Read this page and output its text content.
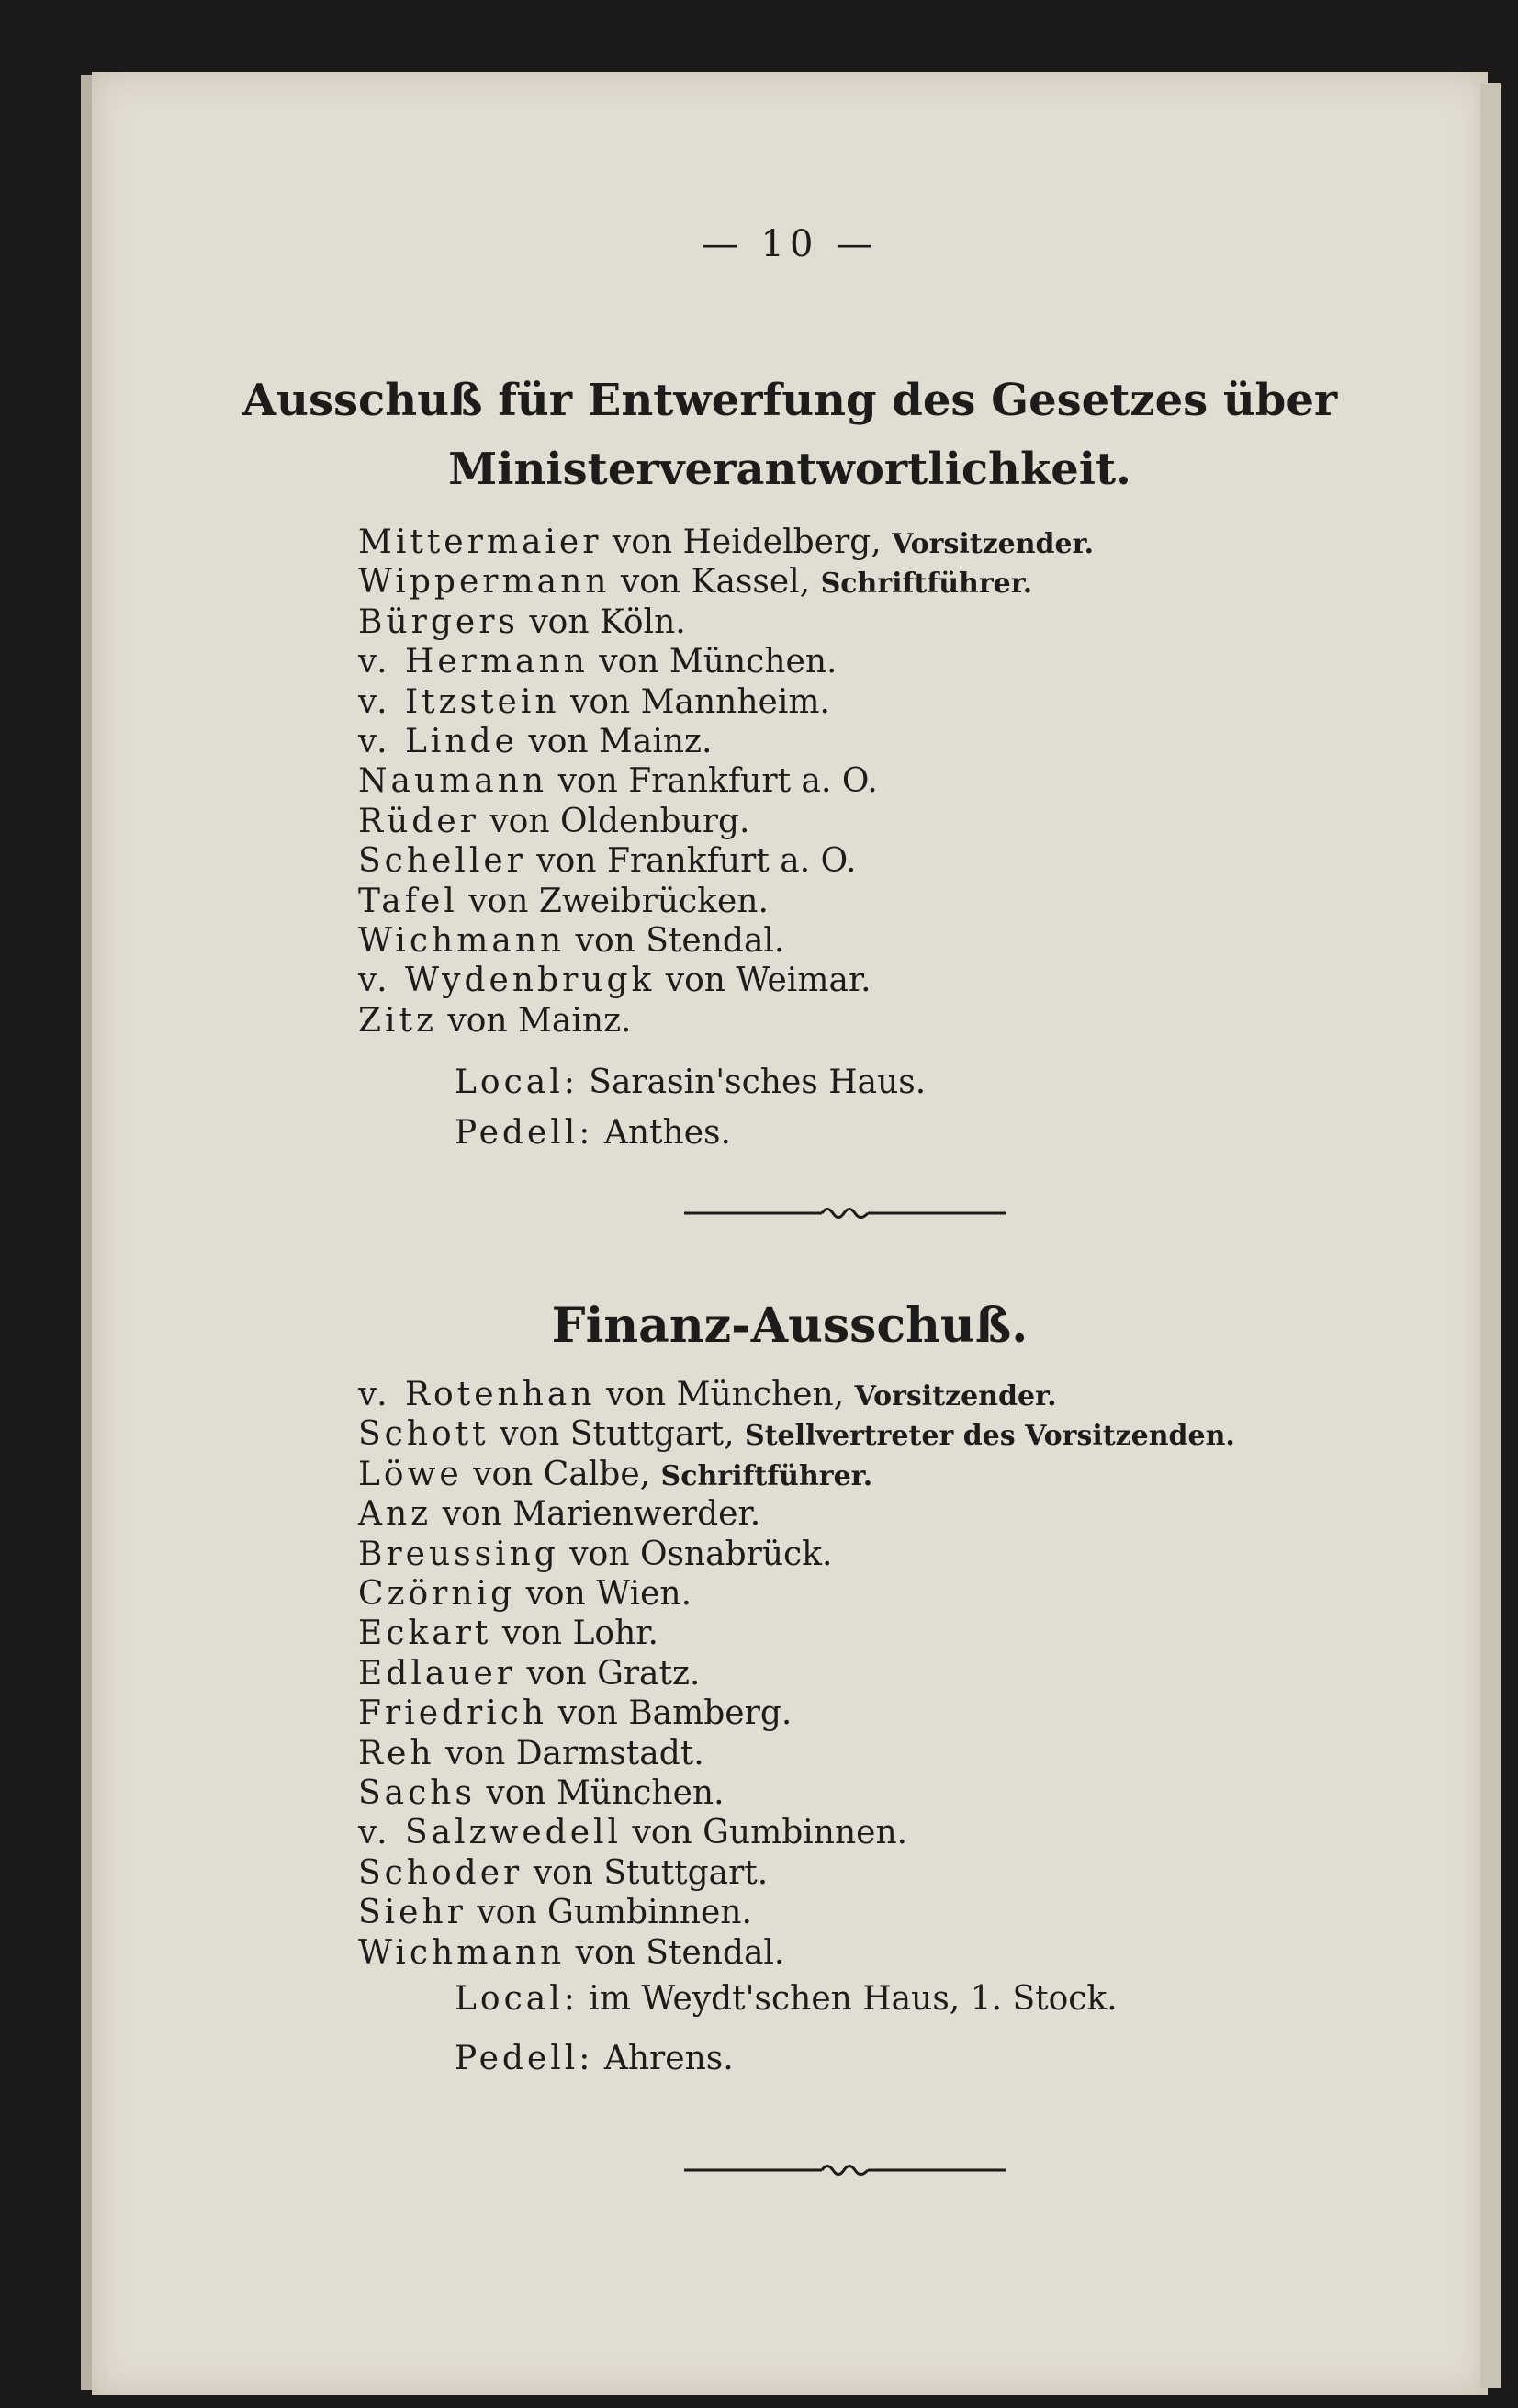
— 10 —
Ausschuß für Entwerfung des Gesetzes über
Ministerverantwortlichkeit.
Mittermaier von Heidelberg, Vorsitzender.
Wippermann von Kassel, Schriftführer.
Bürgers von Köln.
v. Hermann von München.
v. Itzstein von Mannheim.
v. Linde von Mainz.
Naumann von Frankfurt a. O.
Rüder von Oldenburg.
Scheller von Frankfurt a. O.
Tafel von Zweibrücken.
Wichmann von Stendal.
v. Wydenbrugk von Weimar.
Zitz von Mainz.
Local: Sarasin'sches Haus.
Pedell: Anthes.
Finanz-Ausschuß.
v. Rotenhan von München, Vorsitzender.
Schott von Stuttgart, Stellvertreter des Vorsitzenden.
Löwe von Calbe, Schriftführer.
Anz von Marienwerder.
Breussing von Osnabrück.
Czörnig von Wien.
Eckart von Lohr.
Edlauer von Gratz.
Friedrich von Bamberg.
Reh von Darmstadt.
Sachs von München.
v. Salzwedell von Gumbinnen.
Schoder von Stuttgart.
Siehr von Gumbinnen.
Wichmann von Stendal.
Local: im Weydt'schen Haus, 1. Stock.
Pedell: Ahrens.
